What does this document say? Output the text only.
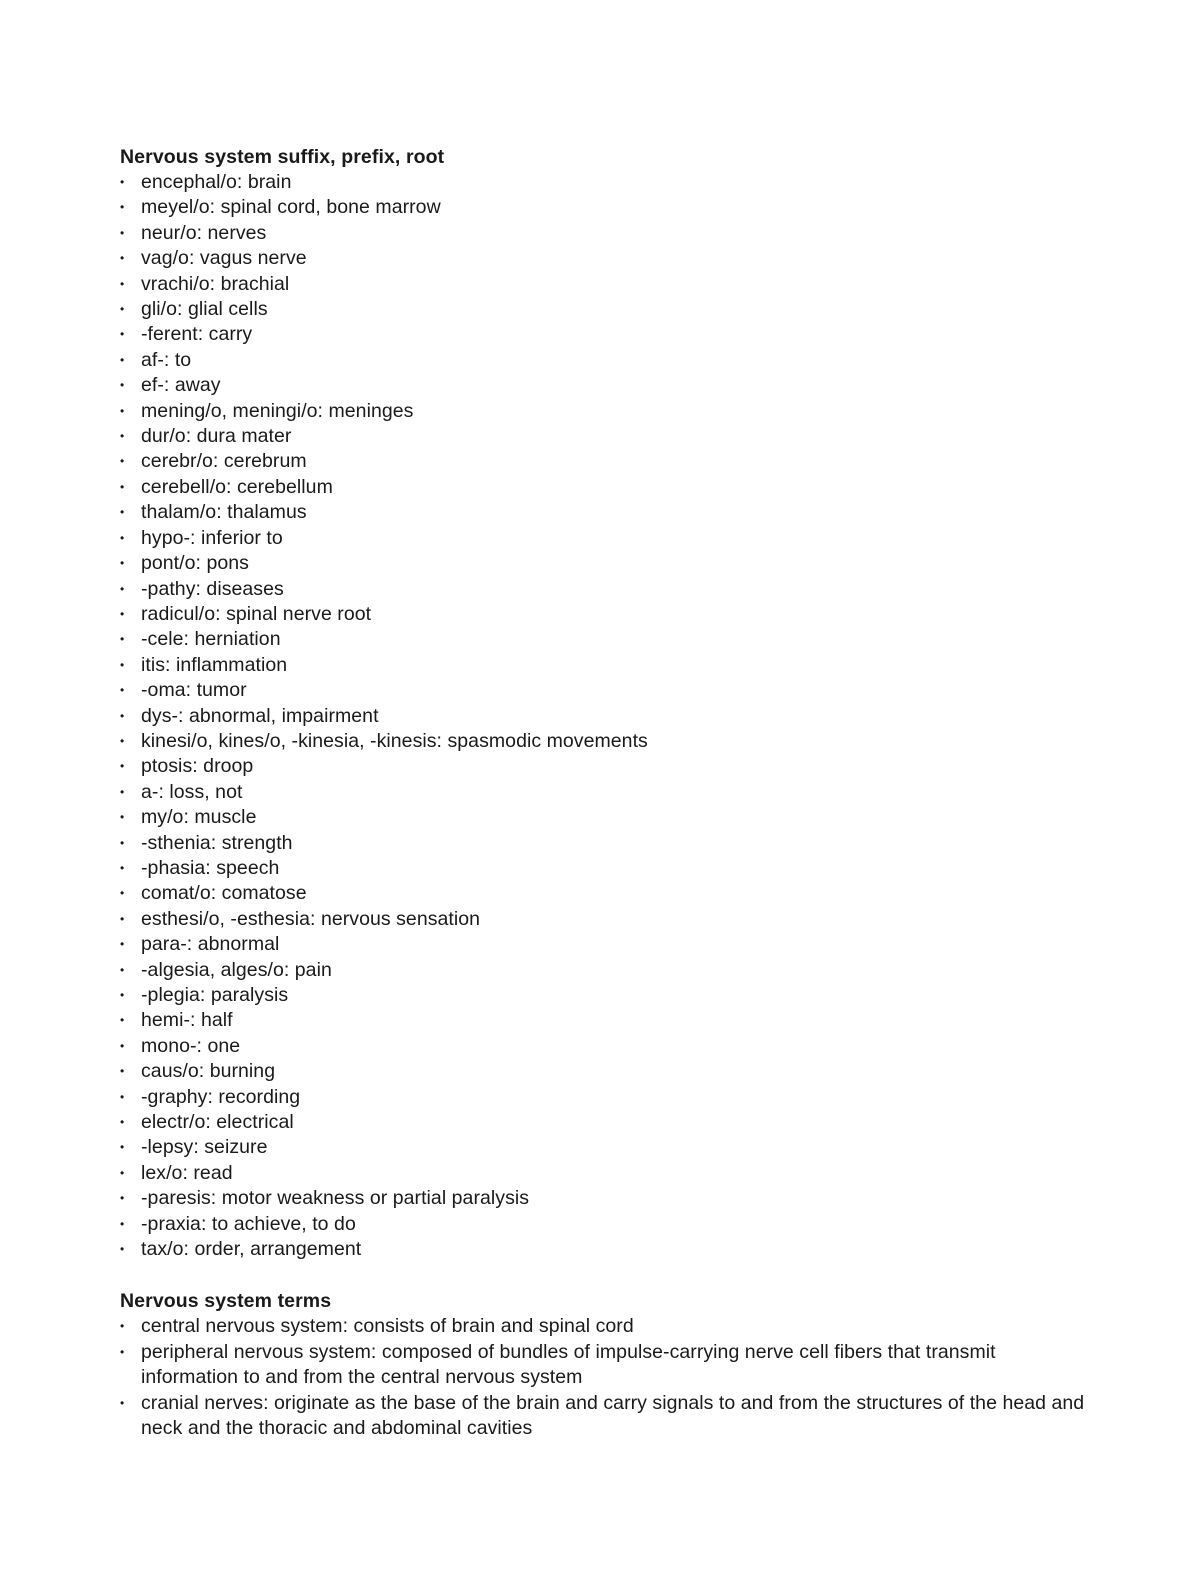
Nervous system suffix, prefix, root
• encephal/o: brain
• meyel/o: spinal cord, bone marrow
• neur/o: nerves
• vag/o: vagus nerve
• vrachi/o: brachial
• gli/o: glial cells
• -ferent: carry
• af-: to
• ef-: away
• mening/o, meningi/o: meninges
• dur/o: dura mater
• cerebr/o: cerebrum
• cerebell/o: cerebellum
• thalam/o: thalamus
• hypo-: inferior to
• pont/o: pons
• -pathy: diseases
• radicul/o: spinal nerve root
• -cele: herniation
• itis: inflammation
• -oma: tumor
• dys-: abnormal, impairment
• kinesi/o, kines/o, -kinesia, -kinesis: spasmodic movements
• ptosis: droop
• a-: loss, not
• my/o: muscle
• -sthenia: strength
• -phasia: speech
• comat/o: comatose
• esthesi/o, -esthesia: nervous sensation
• para-: abnormal
• -algesia, alges/o: pain
• -plegia: paralysis
• hemi-: half
• mono-: one
• caus/o: burning
• -graphy: recording
• electr/o: electrical
• -lepsy: seizure
• lex/o: read
• -paresis: motor weakness or partial paralysis
• -praxia: to achieve, to do
• tax/o: order, arrangement
Nervous system terms
• central nervous system: consists of brain and spinal cord
• peripheral nervous system: composed of bundles of impulse-carrying nerve cell fibers that transmit information to and from the central nervous system
• cranial nerves: originate as the base of the brain and carry signals to and from the structures of the head and neck and the thoracic and abdominal cavities
